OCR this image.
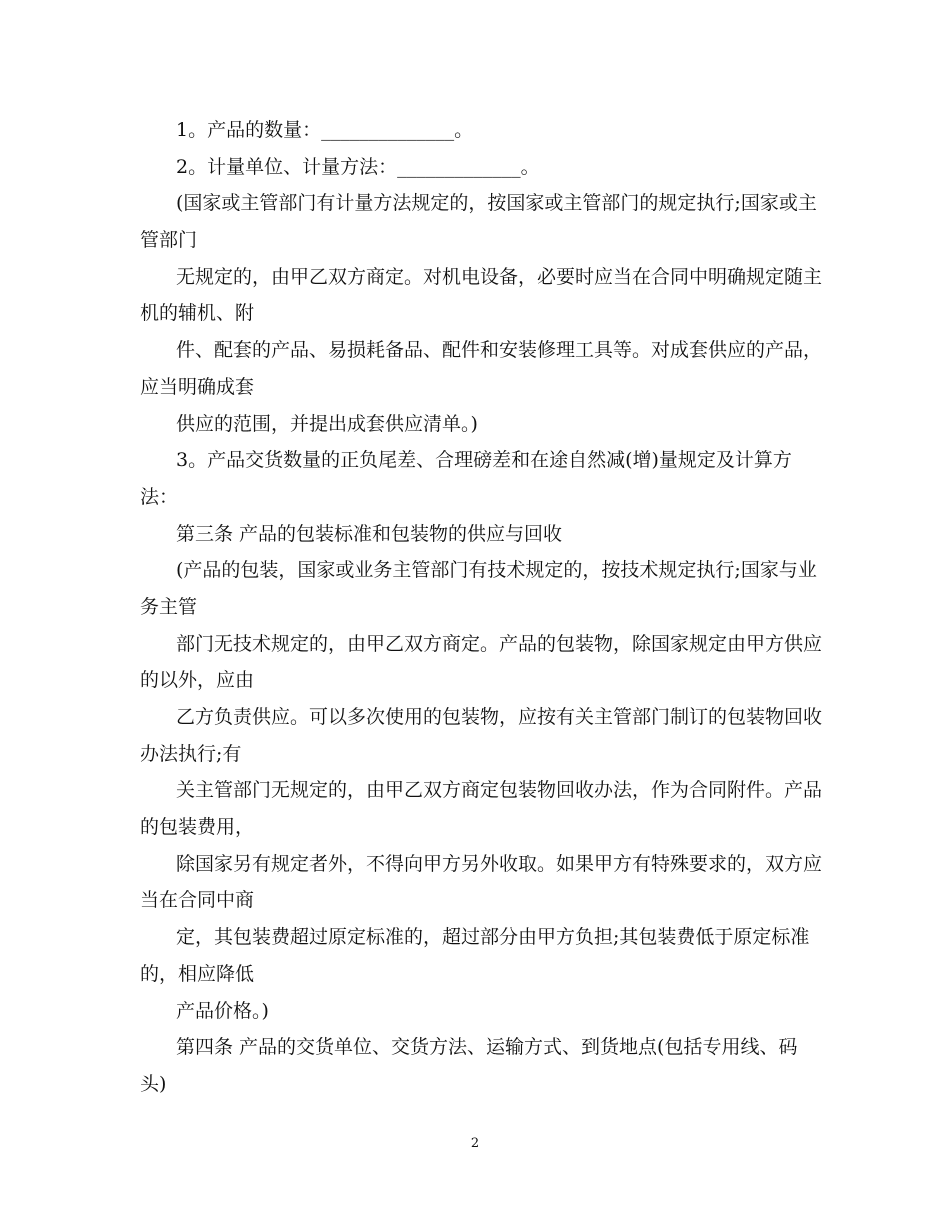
1。产品的数量：______________。
2。计量单位、计量方法：_____________。
(国家或主管部门有计量方法规定的，按国家或主管部门的规定执行;国家或主
管部门
无规定的，由甲乙双方商定。对机电设备，必要时应当在合同中明确规定随主
机的辅机、附
件、配套的产品、易损耗备品、配件和安装修理工具等。对成套供应的产品，
应当明确成套
供应的范围，并提出成套供应清单。)
3。产品交货数量的正负尾差、合理磅差和在途自然减(增)量规定及计算方
法：
第三条 产品的包装标准和包装物的供应与回收
(产品的包装，国家或业务主管部门有技术规定的，按技术规定执行;国家与业
务主管
部门无技术规定的，由甲乙双方商定。产品的包装物，除国家规定由甲方供应
的以外，应由
乙方负责供应。可以多次使用的包装物，应按有关主管部门制订的包装物回收
办法执行;有
关主管部门无规定的，由甲乙双方商定包装物回收办法，作为合同附件。产品
的包装费用，
除国家另有规定者外，不得向甲方另外收取。如果甲方有特殊要求的，双方应
当在合同中商
定，其包装费超过原定标准的，超过部分由甲方负担;其包装费低于原定标准
的，相应降低
产品价格。)
第四条 产品的交货单位、交货方法、运输方式、到货地点(包括专用线、码
头)
2
